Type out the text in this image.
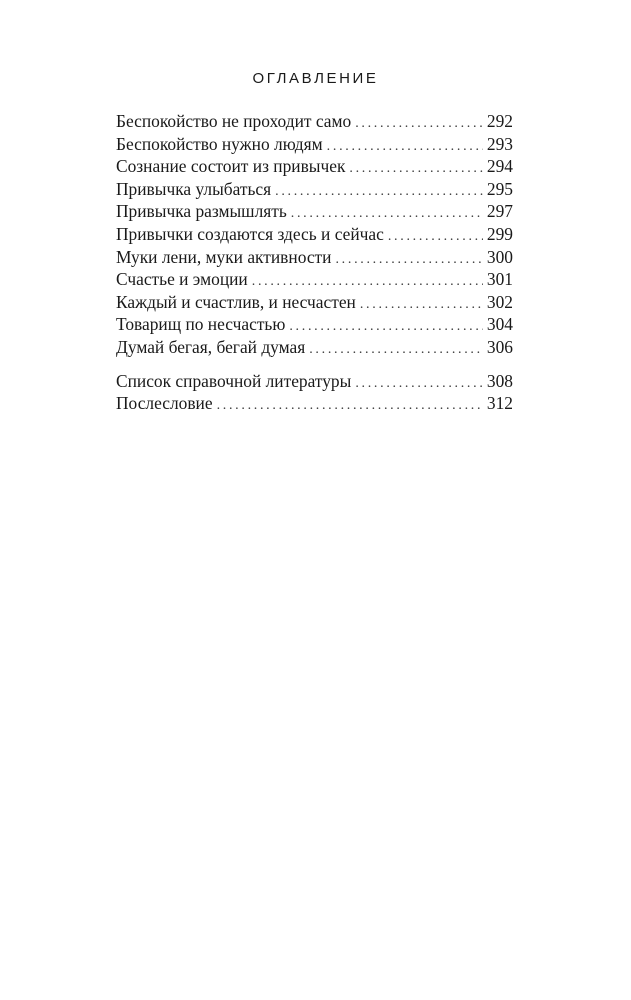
ОГЛАВЛЕНИЕ
Беспокойство не проходит само .....	292
Беспокойство нужно людям .....	293
Сознание состоит из привычек .....	294
Привычка улыбаться .....	295
Привычка размышлять .....	297
Привычки создаются здесь и сейчас .....	299
Муки лени, муки активности .....	300
Счастье и эмоции .....	301
Каждый и счастлив, и несчастен .....	302
Товарищ по несчастью .....	304
Думай бегая, бегай думая .....	306
Список справочной литературы .....	308
Послесловие .....	312
